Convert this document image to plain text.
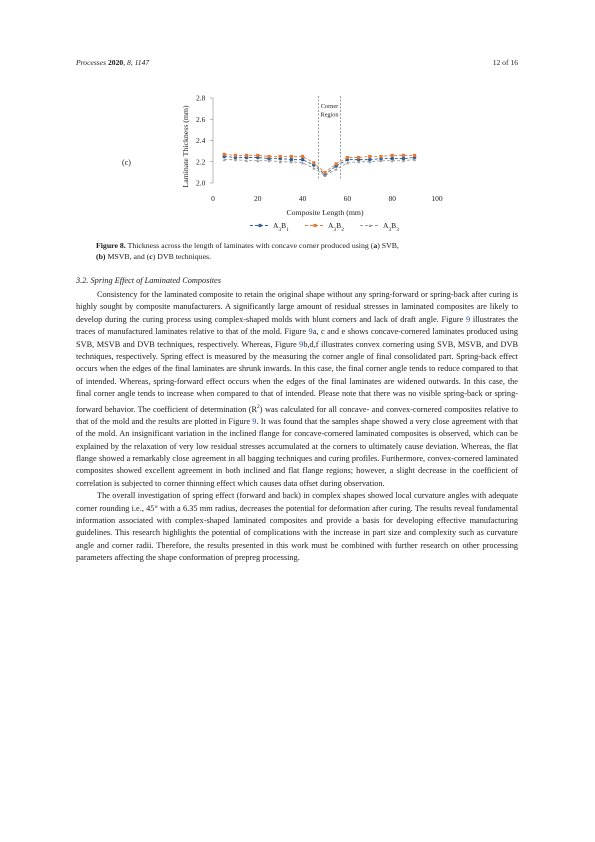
Processes 2020, 8, 1147	12 of 16
(c)
2.0
2.2
2.4
2.6
2.8
0	20	40	60	80	100
Composite Length (mm)
Laminate Thickness (mm)	Corner
Region
$A_3B_1$	$A_3B_2$	$A_3B_3$
Figure 8. Thickness across the length of laminates with concave corner produced using (a) SVB,
(b) MSVB, and (c) DVB techniques.
3.2. Spring Effect of Laminated Composites

Consistency for the laminated composite to retain the original shape without any spring-forward or spring-back after curing is highly sought by composite manufacturers. A significantly large amount of residual stresses in laminated composites are likely to develop during the curing process using complex-shaped molds with blunt corners and lack of draft angle. Figure 9 illustrates the traces of manufactured laminates relative to that of the mold. Figure 9a, c and e shows concave-cornered laminates produced using SVB, MSVB and DVB techniques, respectively. Whereas, Figure 9b,d,f illustrates convex cornering using SVB, MSVB, and DVB techniques, respectively. Spring effect is measured by the measuring the corner angle of final consolidated part. Spring-back effect occurs when the edges of the final laminates are shrunk inwards. In this case, the final corner angle tends to reduce compared to that of intended. Whereas, spring-forward effect occurs when the edges of the final laminates are widened outwards. In this case, the final corner angle tends to increase when compared to that of intended. Please note that there was no visible spring-back or spring-forward behavior. The coefficient of determination $(R^2)$ was calculated for all concave- and convex-cornered composites relative to that of the mold and the results are plotted in Figure 9. It was found that the samples shape showed a very close agreement with that of the mold. An insignificant variation in the inclined flange for concave-cornered laminated composites is observed, which can be explained by the relaxation of very low residual stresses accumulated at the corners to ultimately cause deviation. Whereas, the flat flange showed a remarkably close agreement in all bagging techniques and curing profiles. Furthermore, convex-cornered laminated composites showed excellent agreement in both inclined and flat flange regions; however, a slight decrease in the coefficient of correlation is subjected to corner thinning effect which causes data offset during observation.

The overall investigation of spring effect (forward and back) in complex shapes showed local curvature angles with adequate corner rounding i.e., 45° with a 6.35 mm radius, decreases the potential for deformation after curing. The results reveal fundamental information associated with complex-shaped laminated composites and provide a basis for developing effective manufacturing guidelines. This research highlights the potential of complications with the increase in part size and complexity such as curvature angle and corner radii. Therefore, the results presented in this work must be combined with further research on other processing parameters affecting the shape conformation of prepreg processing.
